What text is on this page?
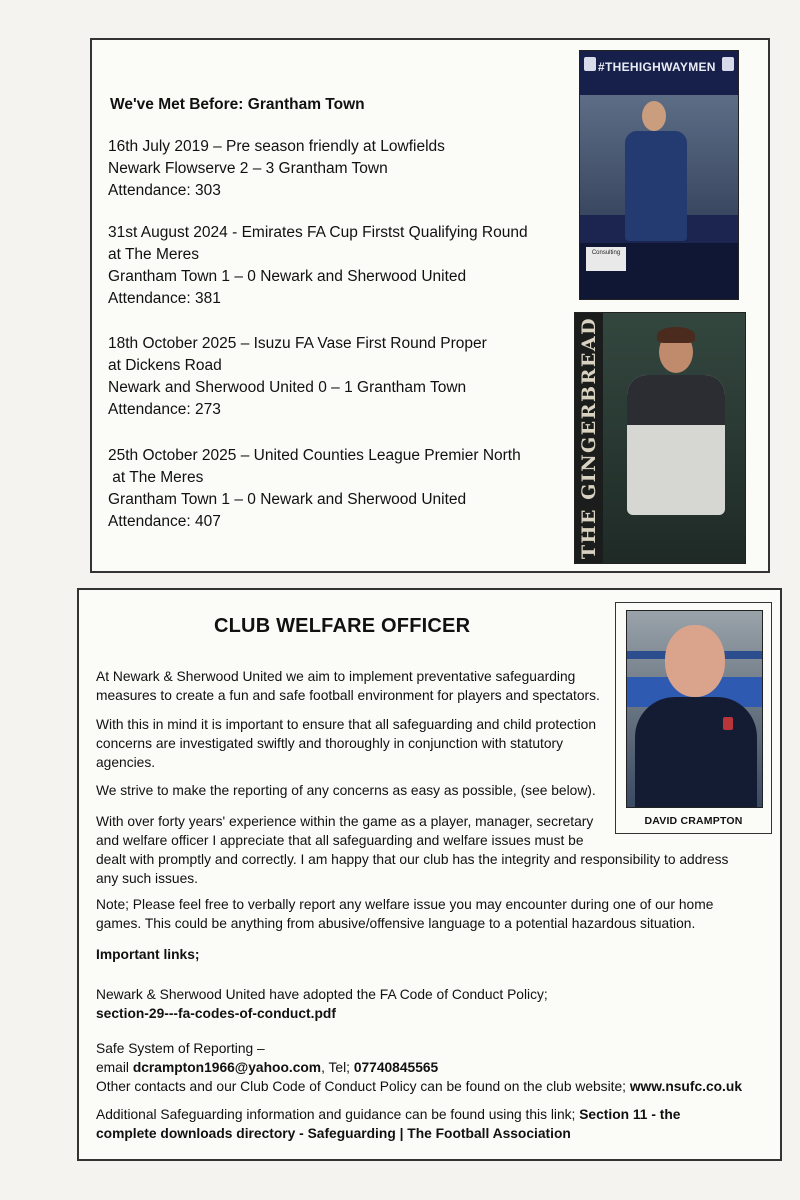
We've Met Before: Grantham Town
16th July 2019 – Pre season friendly at Lowfields
Newark Flowserve 2 – 3 Grantham Town
Attendance: 303
31st August 2024 - Emirates FA Cup Firstst Qualifying Round
at The Meres
Grantham Town 1 – 0 Newark and Sherwood United
Attendance: 381
18th October 2025 – Isuzu FA Vase First Round Proper
at Dickens Road
Newark and Sherwood United 0 – 1 Grantham Town
Attendance: 273
25th October 2025 – United Counties League Premier North
at The Meres
Grantham Town 1 – 0 Newark and Sherwood United
Attendance: 407
#THEHIGHWAYMEN
Consulting
THE GINGERBREAD
CLUB WELFARE OFFICER
At Newark & Sherwood United we aim to implement preventative safeguarding
measures to create a fun and safe football environment for players and spectators.
With this in mind it is important to ensure that all safeguarding and child protection
concerns are investigated swiftly and thoroughly in conjunction with statutory
agencies.
We strive to make the reporting of any concerns as easy as possible, (see below).
With over forty years' experience within the game as a player, manager, secretary
and welfare officer I appreciate that all safeguarding and welfare issues must be
dealt with promptly and correctly. I am happy that our club has the integrity and responsibility to address
any such issues.
Note; Please feel free to verbally report any welfare issue you may encounter during one of our home
games. This could be anything from abusive/offensive language to a potential hazardous situation.
Important links;
Newark & Sherwood United have adopted the FA Code of Conduct Policy;
section-29---fa-codes-of-conduct.pdf
Safe System of Reporting –
email dcrampton1966@yahoo.com, Tel; 07740845565
Other contacts and our Club Code of Conduct Policy can be found on the club website; www.nsufc.co.uk
Additional Safeguarding information and guidance can be found using this link; Section 11 - the
complete downloads directory - Safeguarding | The Football Association
DAVID CRAMPTON
